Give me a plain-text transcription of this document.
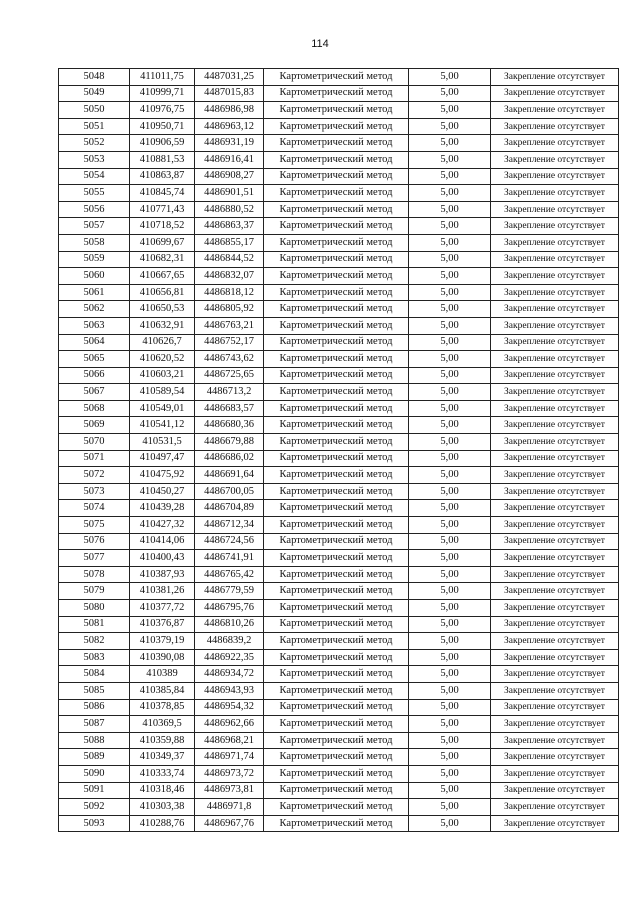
114
5048	411011,75	4487031,25	Картометрический метод	5,00	Закрепление отсутствует
5049	410999,71	4487015,83	Картометрический метод	5,00	Закрепление отсутствует
5050	410976,75	4486986,98	Картометрический метод	5,00	Закрепление отсутствует
5051	410950,71	4486963,12	Картометрический метод	5,00	Закрепление отсутствует
5052	410906,59	4486931,19	Картометрический метод	5,00	Закрепление отсутствует
5053	410881,53	4486916,41	Картометрический метод	5,00	Закрепление отсутствует
5054	410863,87	4486908,27	Картометрический метод	5,00	Закрепление отсутствует
5055	410845,74	4486901,51	Картометрический метод	5,00	Закрепление отсутствует
5056	410771,43	4486880,52	Картометрический метод	5,00	Закрепление отсутствует
5057	410718,52	4486863,37	Картометрический метод	5,00	Закрепление отсутствует
5058	410699,67	4486855,17	Картометрический метод	5,00	Закрепление отсутствует
5059	410682,31	4486844,52	Картометрический метод	5,00	Закрепление отсутствует
5060	410667,65	4486832,07	Картометрический метод	5,00	Закрепление отсутствует
5061	410656,81	4486818,12	Картометрический метод	5,00	Закрепление отсутствует
5062	410650,53	4486805,92	Картометрический метод	5,00	Закрепление отсутствует
5063	410632,91	4486763,21	Картометрический метод	5,00	Закрепление отсутствует
5064	410626,7	4486752,17	Картометрический метод	5,00	Закрепление отсутствует
5065	410620,52	4486743,62	Картометрический метод	5,00	Закрепление отсутствует
5066	410603,21	4486725,65	Картометрический метод	5,00	Закрепление отсутствует
5067	410589,54	4486713,2	Картометрический метод	5,00	Закрепление отсутствует
5068	410549,01	4486683,57	Картометрический метод	5,00	Закрепление отсутствует
5069	410541,12	4486680,36	Картометрический метод	5,00	Закрепление отсутствует
5070	410531,5	4486679,88	Картометрический метод	5,00	Закрепление отсутствует
5071	410497,47	4486686,02	Картометрический метод	5,00	Закрепление отсутствует
5072	410475,92	4486691,64	Картометрический метод	5,00	Закрепление отсутствует
5073	410450,27	4486700,05	Картометрический метод	5,00	Закрепление отсутствует
5074	410439,28	4486704,89	Картометрический метод	5,00	Закрепление отсутствует
5075	410427,32	4486712,34	Картометрический метод	5,00	Закрепление отсутствует
5076	410414,06	4486724,56	Картометрический метод	5,00	Закрепление отсутствует
5077	410400,43	4486741,91	Картометрический метод	5,00	Закрепление отсутствует
5078	410387,93	4486765,42	Картометрический метод	5,00	Закрепление отсутствует
5079	410381,26	4486779,59	Картометрический метод	5,00	Закрепление отсутствует
5080	410377,72	4486795,76	Картометрический метод	5,00	Закрепление отсутствует
5081	410376,87	4486810,26	Картометрический метод	5,00	Закрепление отсутствует
5082	410379,19	4486839,2	Картометрический метод	5,00	Закрепление отсутствует
5083	410390,08	4486922,35	Картометрический метод	5,00	Закрепление отсутствует
5084	410389	4486934,72	Картометрический метод	5,00	Закрепление отсутствует
5085	410385,84	4486943,93	Картометрический метод	5,00	Закрепление отсутствует
5086	410378,85	4486954,32	Картометрический метод	5,00	Закрепление отсутствует
5087	410369,5	4486962,66	Картометрический метод	5,00	Закрепление отсутствует
5088	410359,88	4486968,21	Картометрический метод	5,00	Закрепление отсутствует
5089	410349,37	4486971,74	Картометрический метод	5,00	Закрепление отсутствует
5090	410333,74	4486973,72	Картометрический метод	5,00	Закрепление отсутствует
5091	410318,46	4486973,81	Картометрический метод	5,00	Закрепление отсутствует
5092	410303,38	4486971,8	Картометрический метод	5,00	Закрепление отсутствует
5093	410288,76	4486967,76	Картометрический метод	5,00	Закрепление отсутствует
